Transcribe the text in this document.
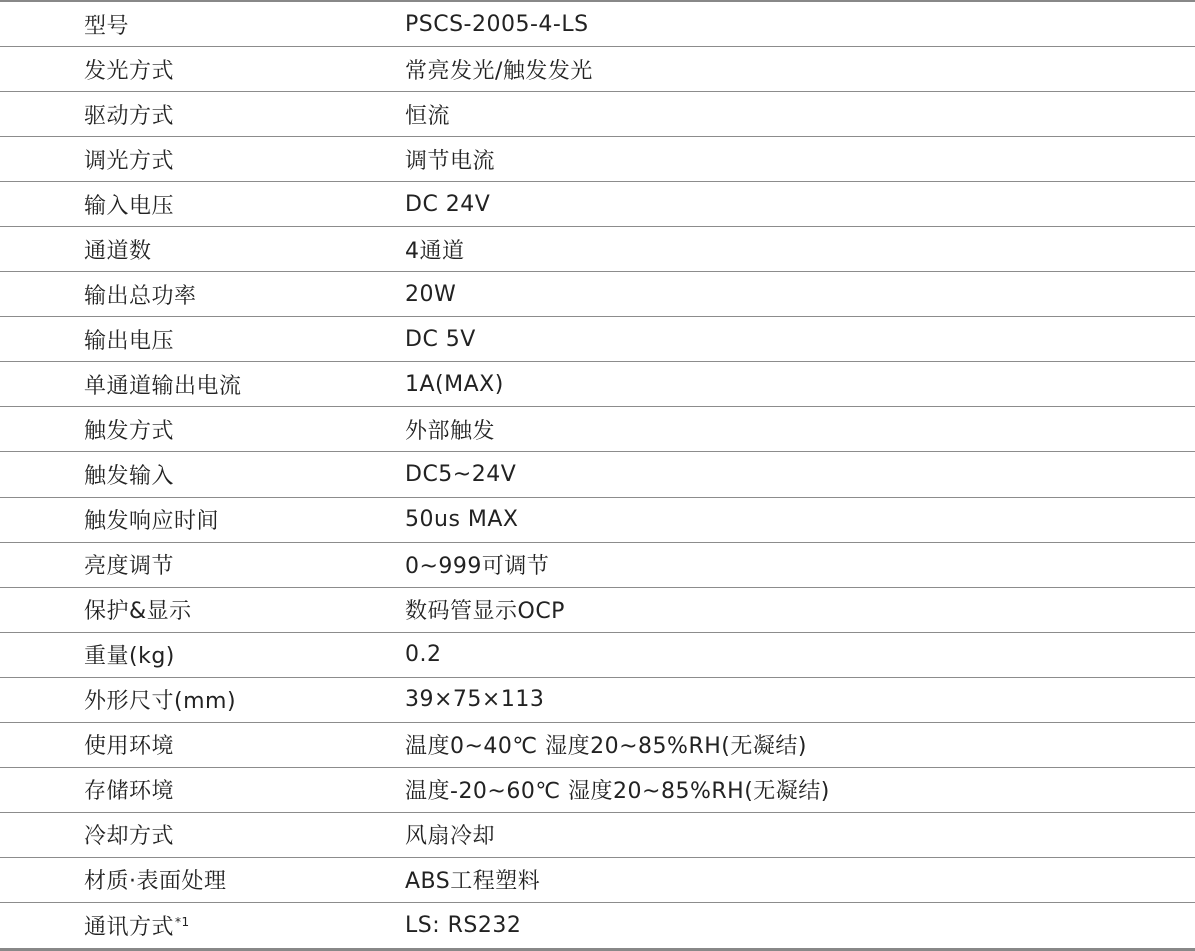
型号	PSCS-2005-4-LS
发光方式	常亮发光/触发发光
驱动方式	恒流
调光方式	调节电流
输入电压	DC 24V
通道数	4通道
输出总功率	20W
输出电压	DC 5V
单通道输出电流	1A(MAX)
触发方式	外部触发
触发输入	DC5~24V
触发响应时间	50us MAX
亮度调节	0~999可调节
保护&显示	数码管显示OCP
重量(kg)	0.2
外形尺寸(mm)	39×75×113
使用环境	温度0~40℃ 湿度20~85%RH(无凝结)
存储环境	温度-20~60℃ 湿度20~85%RH(无凝结)
冷却方式	风扇冷却
材质·表面处理	ABS工程塑料
通讯方式$^{*1}$	LS: RS232
